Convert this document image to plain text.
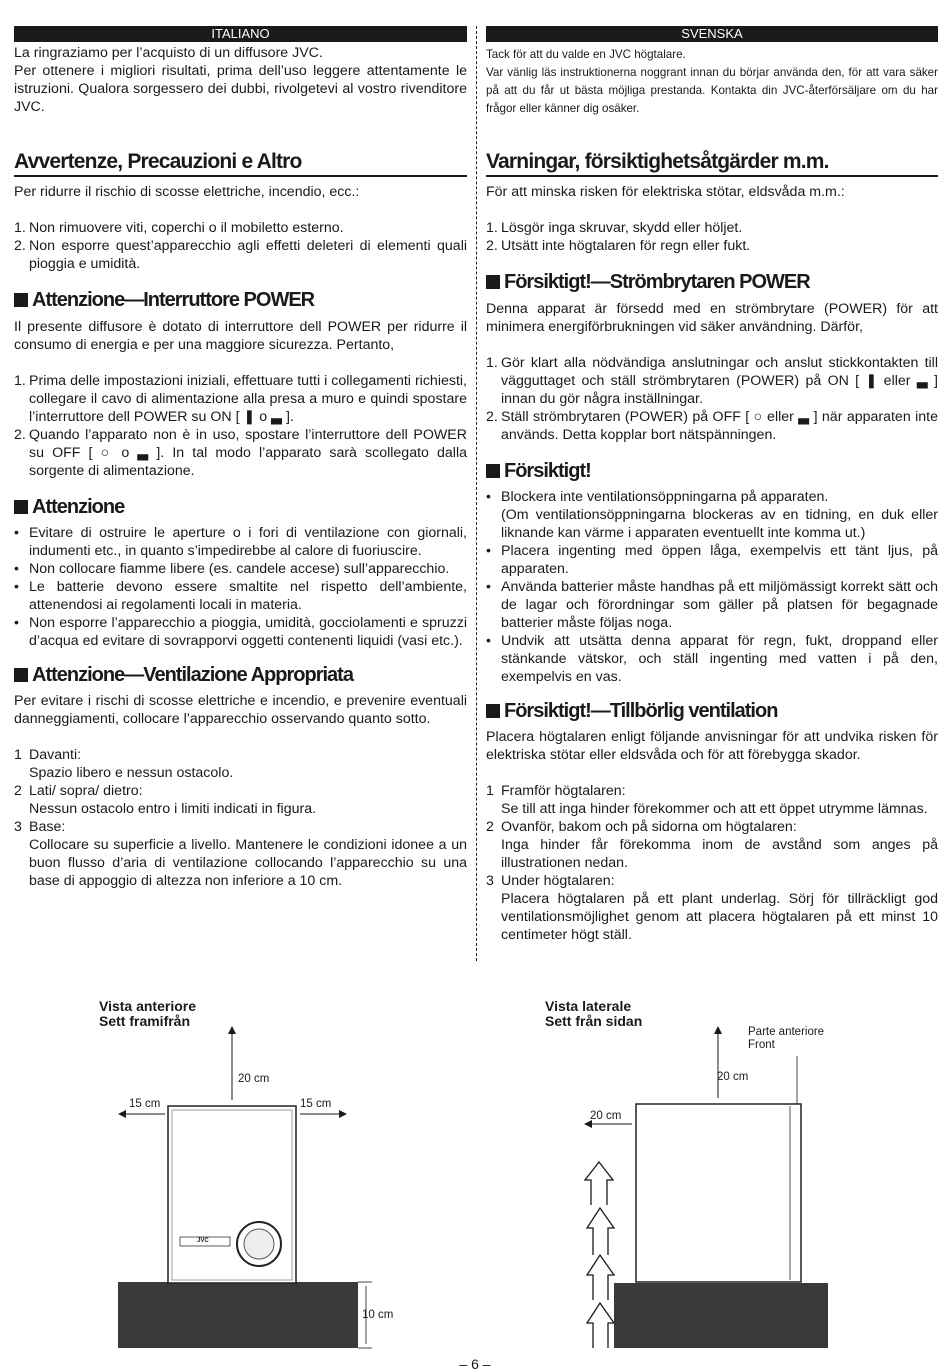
ITALIANO

La ringraziamo per l’acquisto di un diffusore JVC.

Per ottenere i migliori risultati, prima dell’uso leggere attentamente le istruzioni. Qualora sorgessero dei dubbi, rivolgetevi al vostro rivenditore JVC.

Avvertenze, Precauzioni e Altro

Per ridurre il rischio di scosse elettriche, incendio, ecc.:

1. Non rimuovere viti, coperchi o il mobiletto esterno.
2. Non esporre quest’apparecchio agli effetti deleteri di elementi quali pioggia e umidità.
Attenzione—Interruttore POWER

Il presente diffusore è dotato di interruttore dell POWER per ridurre il consumo di energia e per una maggiore sicurezza. Pertanto,

1. Prima delle impostazioni iniziali, effettuare tutti i collegamenti richiesti, collegare il cavo di alimentazione alla presa a muro e quindi spostare l’interruttore dell POWER su ON [ ❚ o ▃ ].
2. Quando l’apparato non è in uso, spostare l’interruttore dell POWER su OFF [ ○ o ▃ ]. In tal modo l’apparato sarà scollegato dalla sorgente di alimentazione.
Attenzione
• Evitare di ostruire le aperture o i fori di ventilazione con giornali, indumenti etc., in quanto s’impedirebbe al calore di fuoriuscire.
• Non collocare fiamme libere (es. candele accese) sull’apparecchio.
• Le batterie devono essere smaltite nel rispetto dell’ambiente, attenendosi ai regolamenti locali in materia.
• Non esporre l’apparecchio a pioggia, umidità, gocciolamenti e spruzzi d’acqua ed evitare di sovrapporvi oggetti contenenti liquidi (vasi etc.).
Attenzione—Ventilazione Appropriata

Per evitare i rischi di scosse elettriche e incendio, e prevenire eventuali danneggiamenti, collocare l’apparecchio osservando quanto sotto.

1 Davanti:
Spazio libero e nessun ostacolo.
2 Lati/ sopra/ dietro:
Nessun ostacolo entro i limiti indicati in figura.
3 Base:
Collocare su superficie a livello. Mantenere le condizioni idonee a un buon flusso d’aria di ventilazione collocando l’apparecchio su una base di appoggio di altezza non inferiore a 10 cm.
SVENSKA

Tack för att du valde en JVC högtalare.

Var vänlig läs instruktionerna noggrant innan du börjar använda den, för att vara säker på att du får ut bästa möjliga prestanda. Kontakta din JVC-återförsäljare om du har frågor eller känner dig osäker.

Varningar, försiktighetsåtgärder m.m.

För att minska risken för elektriska stötar, eldsvåda m.m.:

1. Lösgör inga skruvar, skydd eller höljet.
2. Utsätt inte högtalaren för regn eller fukt.
Försiktigt!—Strömbrytaren POWER

Denna apparat är försedd med en strömbrytare (POWER) för att minimera energiförbrukningen vid säker användning. Därför,

1. Gör klart alla nödvändiga anslutningar och anslut stickkontakten till vägguttaget och ställ strömbrytaren (POWER) på ON [ ❚ eller ▃ ] innan du gör några inställningar.
2. Ställ strömbrytaren (POWER) på OFF [ ○ eller ▃ ] när apparaten inte används. Detta kopplar bort nätspänningen.
Försiktigt!
• Blockera inte ventilationsöppningarna på apparaten.
(Om ventilationsöppningarna blockeras av en tidning, en duk eller liknande kan värme i apparaten eventuellt inte komma ut.)
• Placera ingenting med öppen låga, exempelvis ett tänt ljus, på apparaten.
• Använda batterier måste handhas på ett miljömässigt korrekt sätt och de lagar och förordningar som gäller på platsen för begagnade batterier måste följas noga.
• Undvik att utsätta denna apparat för regn, fukt, droppand eller stänkande vätskor, och ställ ingenting med vatten i på den, exempelvis en vas.
Försiktigt!—Tillbörlig ventilation

Placera högtalaren enligt följande anvisningar för att undvika risken för elektriska stötar eller eldsvåda och för att förebygga skador.

1 Framför högtalaren:
Se till att inga hinder förekommer och att ett öppet utrymme lämnas.
2 Ovanför, bakom och på sidorna om högtalaren:
Inga hinder får förekomma inom de avstånd som anges på illustrationen nedan.
3 Under högtalaren:
Placera högtalaren på ett plant underlag. Sörj för tillräckligt god ventilationsmöjlighet genom att placera högtalaren på ett minst 10 centimeter högt ställ.
Vista anteriore
Sett framifrån
Vista laterale
Sett från sidan
20 cm
15 cm	15 cm
10 cm
JVC
20 cm
20 cm
Parte anteriore
Front
– 6 –
